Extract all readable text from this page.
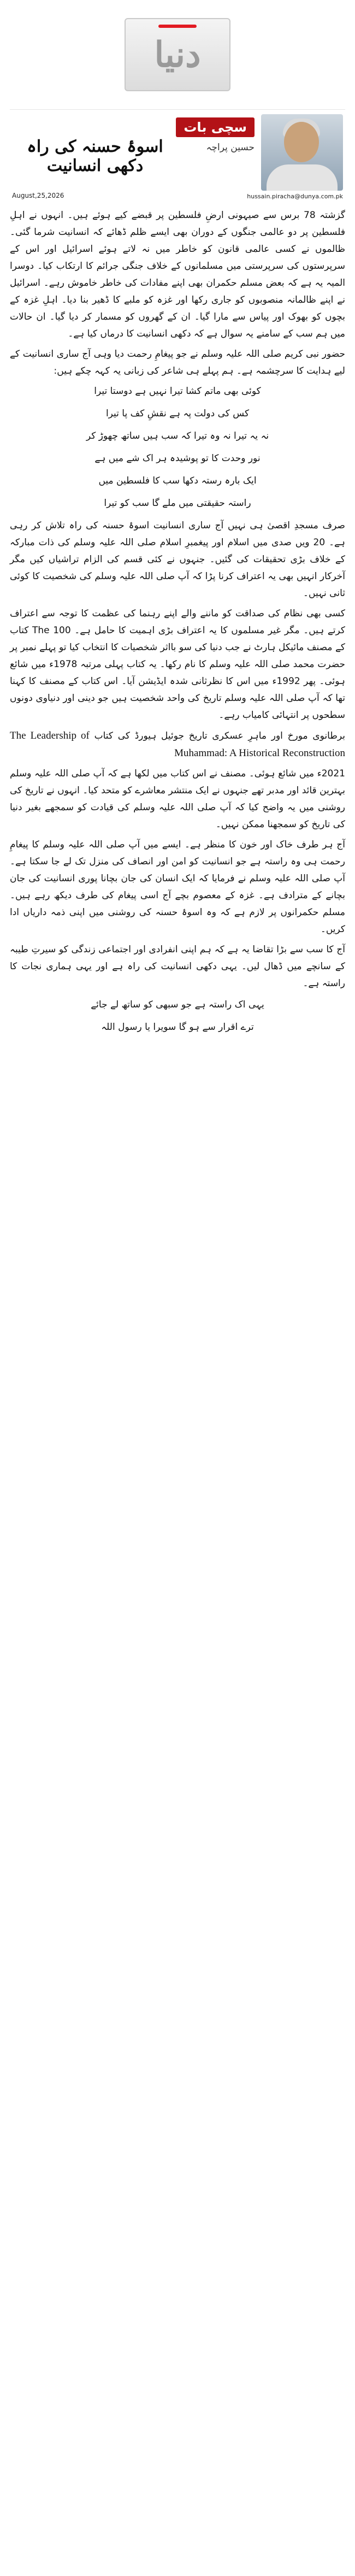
دنیا
سچی بات
حسین پراچہ
اسوۂ حسنہ کی راہ دکھی انسانیت
August,25,2026	hussain.piracha@dunya.com.pk

گزشتہ 78 برس سے صیہونی ارضِ فلسطین پر قبضے کیے ہوئے ہیں۔ انہوں نے اہلِ فلسطین پر دو عالمی جنگوں کے دوران بھی ایسے ظلم ڈھائے کہ انسانیت شرما گئی۔ ظالموں نے کسی عالمی قانون کو خاطر میں نہ لاتے ہوئے اسرائیل اور اس کے سرپرستوں کی سرپرستی میں مسلمانوں کے خلاف جنگی جرائم کا ارتکاب کیا۔ دوسرا المیہ یہ ہے کہ بعض مسلم حکمران بھی اپنے مفادات کی خاطر خاموش رہے۔ اسرائیل نے اپنے ظالمانہ منصوبوں کو جاری رکھا اور غزہ کو ملبے کا ڈھیر بنا دیا۔ اہلِ غزہ کے بچوں کو بھوک اور پیاس سے مارا گیا۔ ان کے گھروں کو مسمار کر دیا گیا۔ ان حالات میں ہم سب کے سامنے یہ سوال ہے کہ دکھی انسانیت کا درماں کیا ہے۔

حضور نبی کریم صلی اللہ علیہ وسلم نے جو پیغامِ رحمت دیا وہی آج ساری انسانیت کے لیے ہدایت کا سرچشمہ ہے۔ ہم پہلے ہی شاعر کی زبانی یہ کہہ چکے ہیں:

کوئی بھی ماتم کشا تیرا نہیں ہے دوستا تیرا
کس کی دولت پہ ہے نقشِ کف پا تیرا
نہ یہ تیرا نہ وہ تیرا کہ سب ہیں ساتھ چھوڑ کر
نور وحدت کا تو پوشیدہ ہر اک شے میں ہے
ایک بارہ رستہ دکھا سب کا فلسطین میں
راستہ حقیقتی میں ملے گا سب کو تیرا

صرف مسجدِ اقصیٰ ہی نہیں آج ساری انسانیت اسوۂ حسنہ کی راہ تلاش کر رہی ہے۔ 20 ویں صدی میں اسلام اور پیغمبرِ اسلام صلی اللہ علیہ وسلم کی ذات مبارکہ کے خلاف بڑی تحقیقات کی گئیں۔ جنہوں نے کئی قسم کی الزام تراشیاں کیں مگر آخرکار انہیں بھی یہ اعتراف کرنا پڑا کہ آپ صلی اللہ علیہ وسلم کی شخصیت کا کوئی ثانی نہیں۔

کسی بھی نظام کی صداقت کو ماننے والے اپنے رہنما کی عظمت کا توجہ سے اعتراف کرتے ہیں۔ مگر غیر مسلموں کا یہ اعتراف بڑی اہمیت کا حامل ہے۔ The 100 کتاب کے مصنف مائیکل ہارٹ نے جب دنیا کی سو بااثر شخصیات کا انتخاب کیا تو پہلے نمبر پر حضرت محمد صلی اللہ علیہ وسلم کا نام رکھا۔ یہ کتاب پہلی مرتبہ 1978ء میں شائع ہوئی۔ پھر 1992ء میں اس کا نظرثانی شدہ ایڈیشن آیا۔ اس کتاب کے مصنف کا کہنا تھا کہ آپ صلی اللہ علیہ وسلم تاریخ کی واحد شخصیت ہیں جو دینی اور دنیاوی دونوں سطحوں پر انتہائی کامیاب رہے۔

برطانوی مورخ اور ماہرِ عسکری تاریخ جوئیل ہیورڈ کی کتاب The Leadership of Muhammad: A Historical Reconstruction

2021ء میں شائع ہوئی۔ مصنف نے اس کتاب میں لکھا ہے کہ آپ صلی اللہ علیہ وسلم بہترین قائد اور مدبر تھے جنہوں نے ایک منتشر معاشرے کو متحد کیا۔ انہوں نے تاریخ کی روشنی میں یہ واضح کیا کہ آپ صلی اللہ علیہ وسلم کی قیادت کو سمجھے بغیر دنیا کی تاریخ کو سمجھنا ممکن نہیں۔

آج ہر طرف خاک اور خون کا منظر ہے۔ ایسے میں آپ صلی اللہ علیہ وسلم کا پیغامِ رحمت ہی وہ راستہ ہے جو انسانیت کو امن اور انصاف کی منزل تک لے جا سکتا ہے۔ آپ صلی اللہ علیہ وسلم نے فرمایا کہ ایک انسان کی جان بچانا پوری انسانیت کی جان بچانے کے مترادف ہے۔ غزہ کے معصوم بچے آج اسی پیغام کی طرف دیکھ رہے ہیں۔ مسلم حکمرانوں پر لازم ہے کہ وہ اسوۂ حسنہ کی روشنی میں اپنی ذمہ داریاں ادا کریں۔

آج کا سب سے بڑا تقاضا یہ ہے کہ ہم اپنی انفرادی اور اجتماعی زندگی کو سیرتِ طیبہ کے سانچے میں ڈھال لیں۔ یہی دکھی انسانیت کی راہ ہے اور یہی ہماری نجات کا راستہ ہے۔

یہی اک راستہ ہے جو سبھی کو ساتھ لے جائے
ترے اقرار سے ہو گا سویرا یا رسول اللہ
